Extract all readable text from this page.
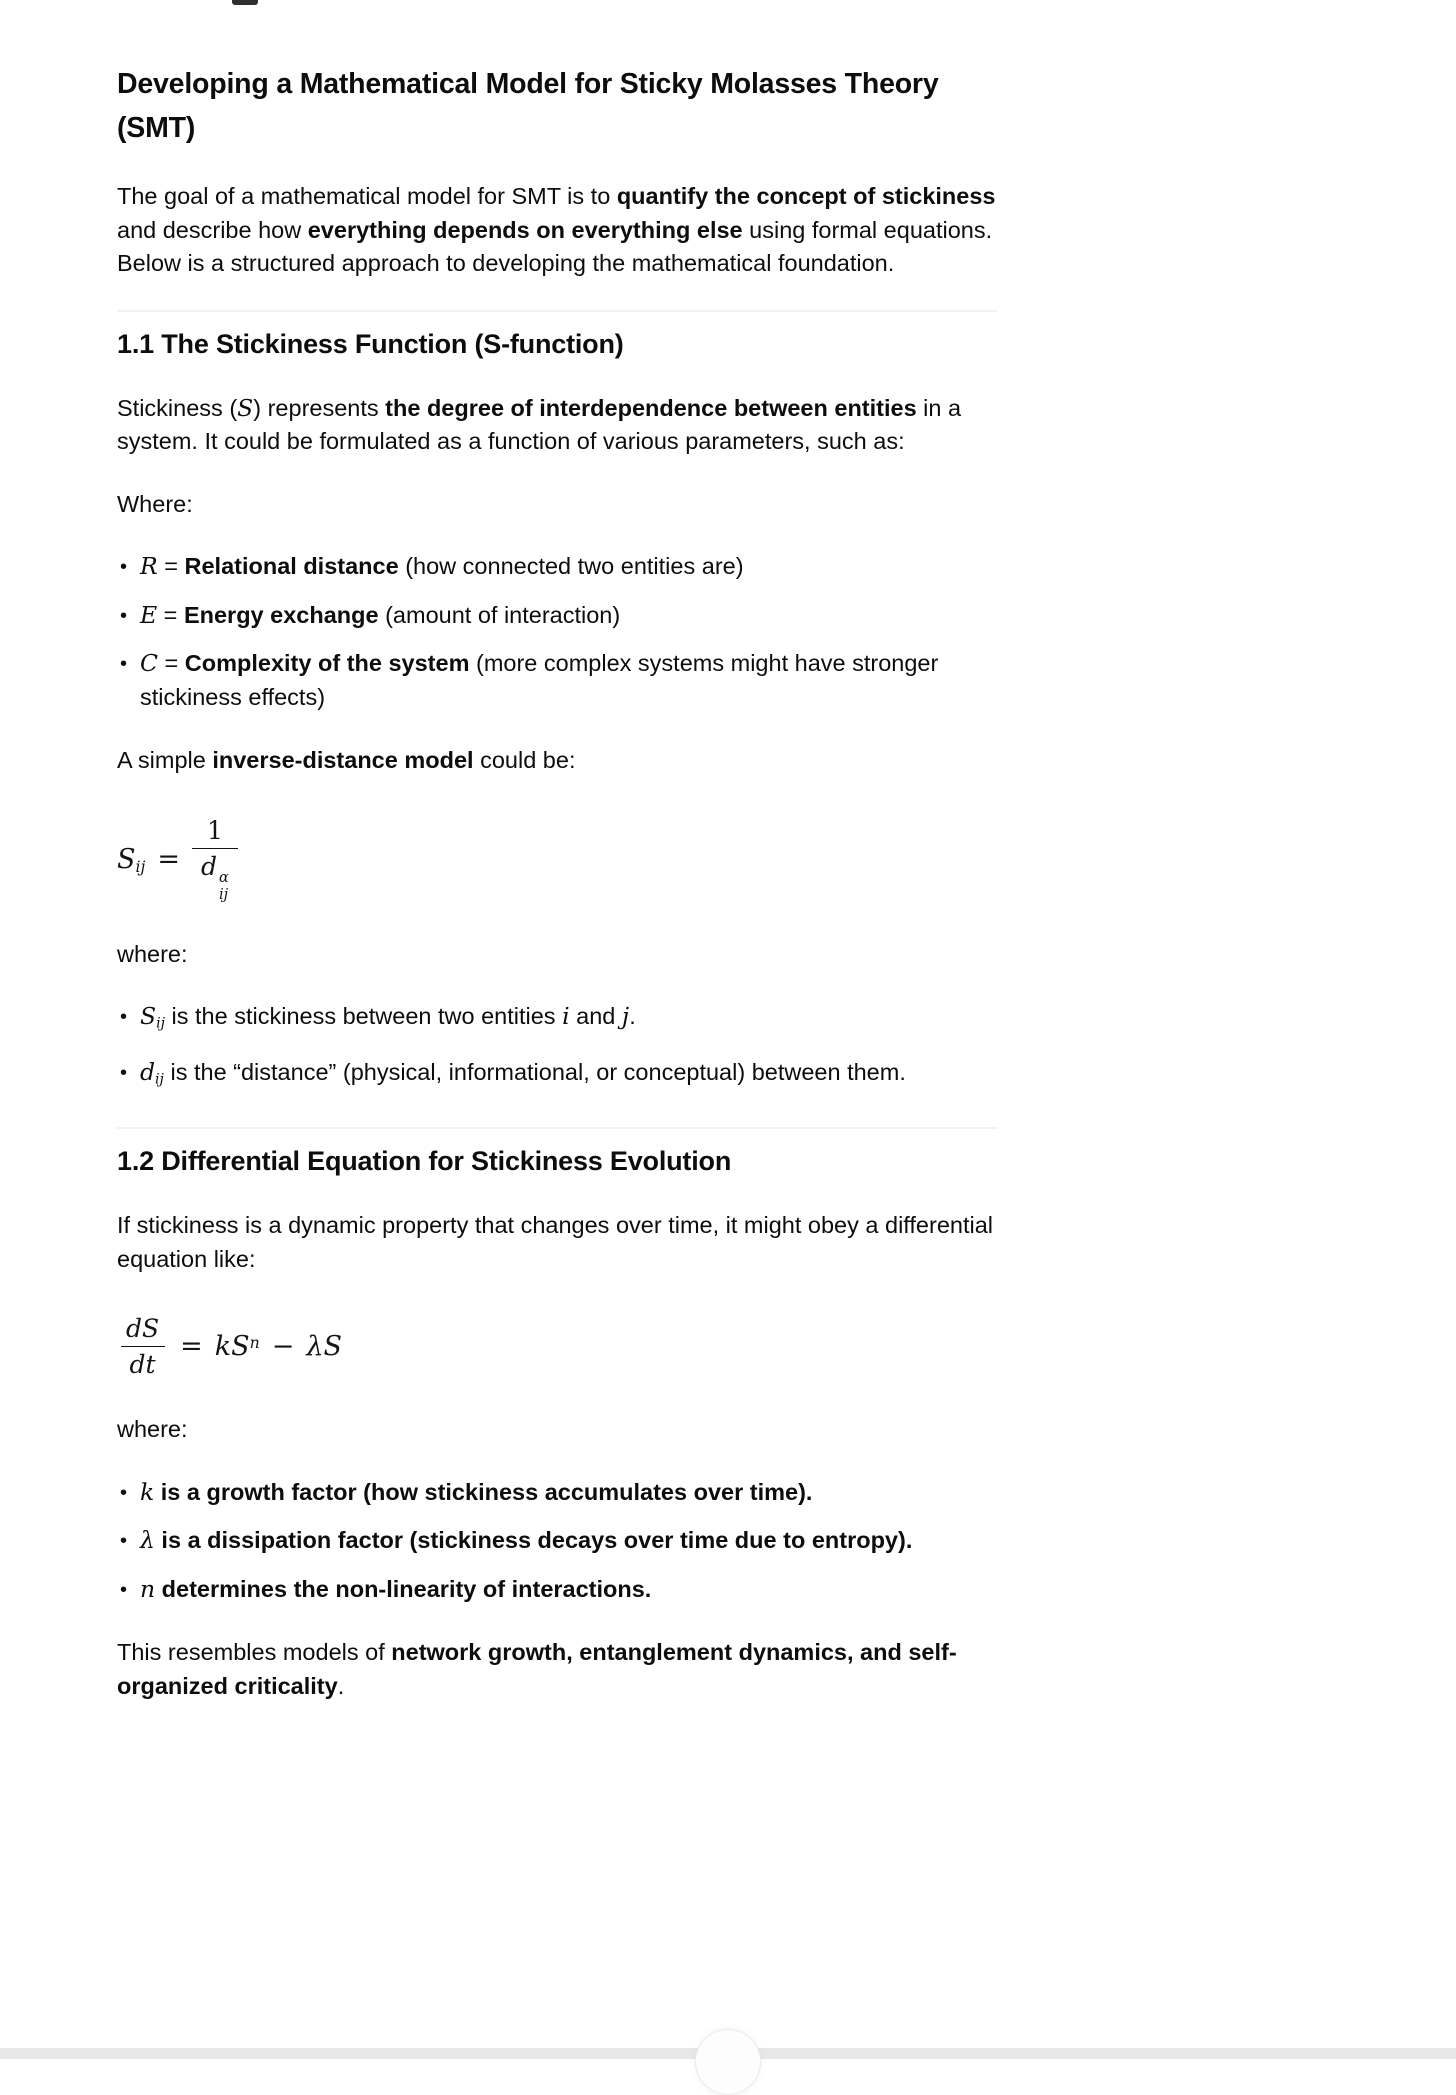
Developing a Mathematical Model for Sticky Molasses Theory (SMT)

The goal of a mathematical model for SMT is to quantify the concept of stickiness and describe how everything depends on everything else using formal equations. Below is a structured approach to developing the mathematical foundation.

1.1 The Stickiness Function (S-function)

Stickiness (S) represents the degree of interdependence between entities in a system. It could be formulated as a function of various parameters, such as:

Where:

• R = Relational distance (how connected two entities are)
• E = Energy exchange (amount of interaction)
• C = Complexity of the system (more complex systems might have stronger stickiness effects)

A simple inverse-distance model could be:

$S_{ij} = 1$
d α
ij

where:

• $S_{ij}$ is the stickiness between two entities i and j.
• $d_{ij}$ is the “distance” (physical, informational, or conceptual) between them.
1.2 Differential Equation for Stickiness Evolution

If stickiness is a dynamic property that changes over time, it might obey a differential equation like:

$\frac{dS}{dt} = kS^n - \lambda S$

where:

• k is a growth factor (how stickiness accumulates over time).
• λ is a dissipation factor (stickiness decays over time due to entropy).
• n determines the non-linearity of interactions.

This resembles models of network growth, entanglement dynamics, and self-organized criticality.
